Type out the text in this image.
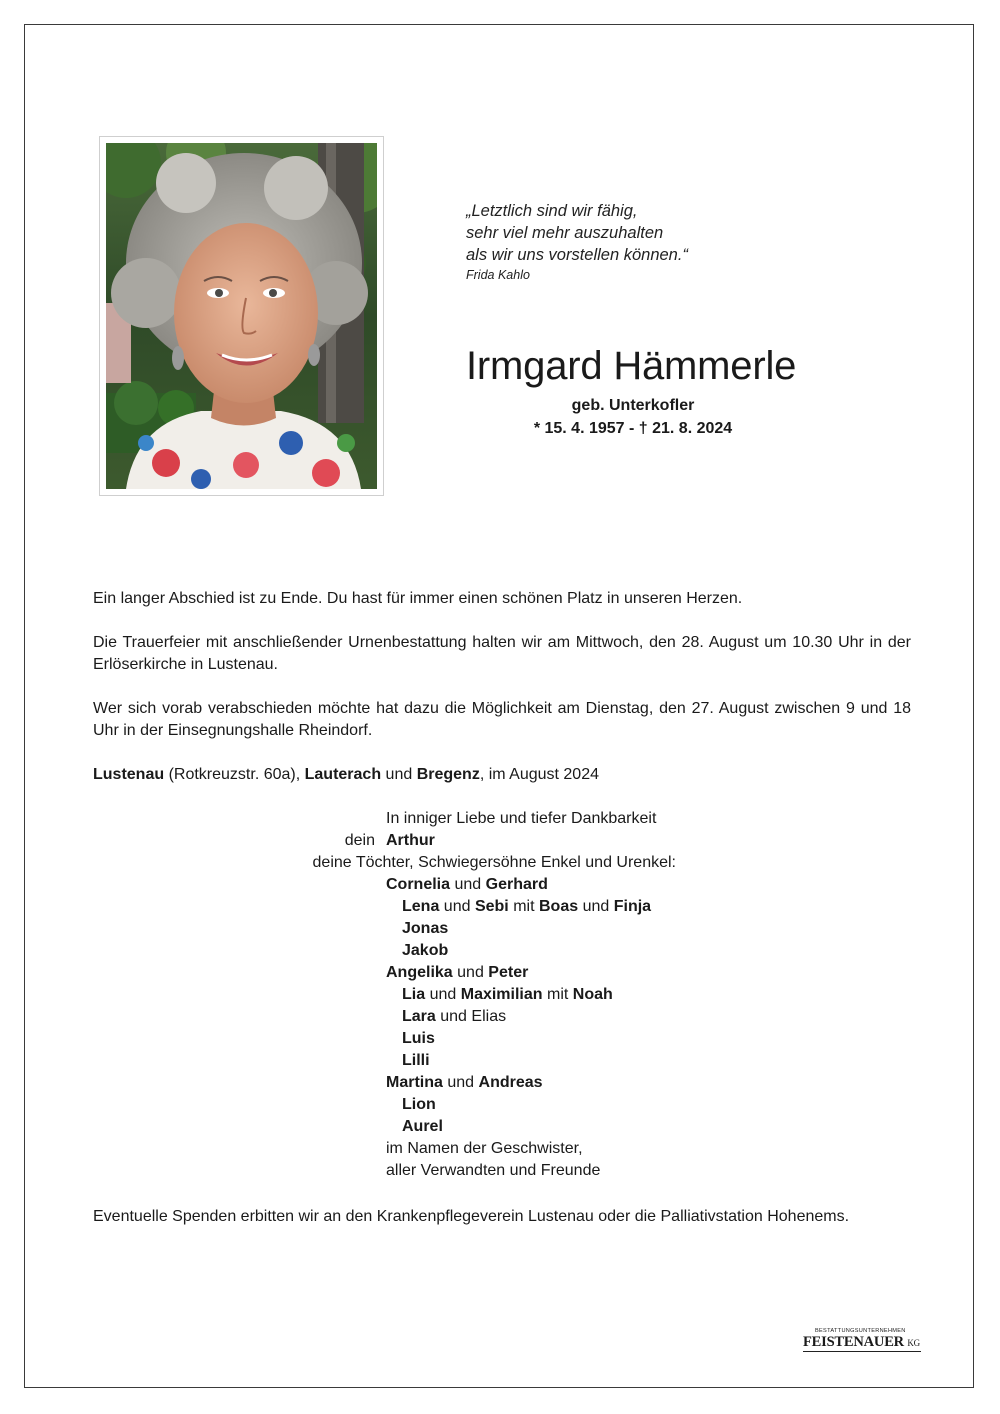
„Letztlich sind wir fähig,
sehr viel mehr auszuhalten
als wir uns vorstellen können.“
Frida Kahlo
Irmgard Hämmerle
geb. Unterkofler
* 15. 4. 1957 - † 21. 8. 2024
Ein langer Abschied ist zu Ende. Du hast für immer einen schönen Platz in unseren Herzen.
Die Trauerfeier mit anschließender Urnenbestattung halten wir am Mittwoch, den 28. August um 10.30 Uhr in der Erlöserkirche in Lustenau.
Wer sich vorab verabschieden möchte hat dazu die Möglichkeit am Dienstag, den 27. August zwischen 9 und 18 Uhr in der Einsegnungshalle Rheindorf.
Lustenau (Rotkreuzstr. 60a), Lauterach und Bregenz, im August 2024
In inniger Liebe und tiefer Dankbarkeit
dein Arthur
deine Töchter, Schwiegersöhne Enkel und Urenkel:
Cornelia und Gerhard
Lena und Sebi mit Boas und Finja
Jonas
Jakob
Angelika und Peter
Lia und Maximilian mit Noah
Lara und Elias
Luis
Lilli
Martina und Andreas
Lion
Aurel
im Namen der Geschwister,
aller Verwandten und Freunde
Eventuelle Spenden erbitten wir an den Krankenpflegeverein Lustenau oder die Palliativstation Hohenems.
BESTATTUNGSUNTERNEHMEN
FEISTENAUER KG
